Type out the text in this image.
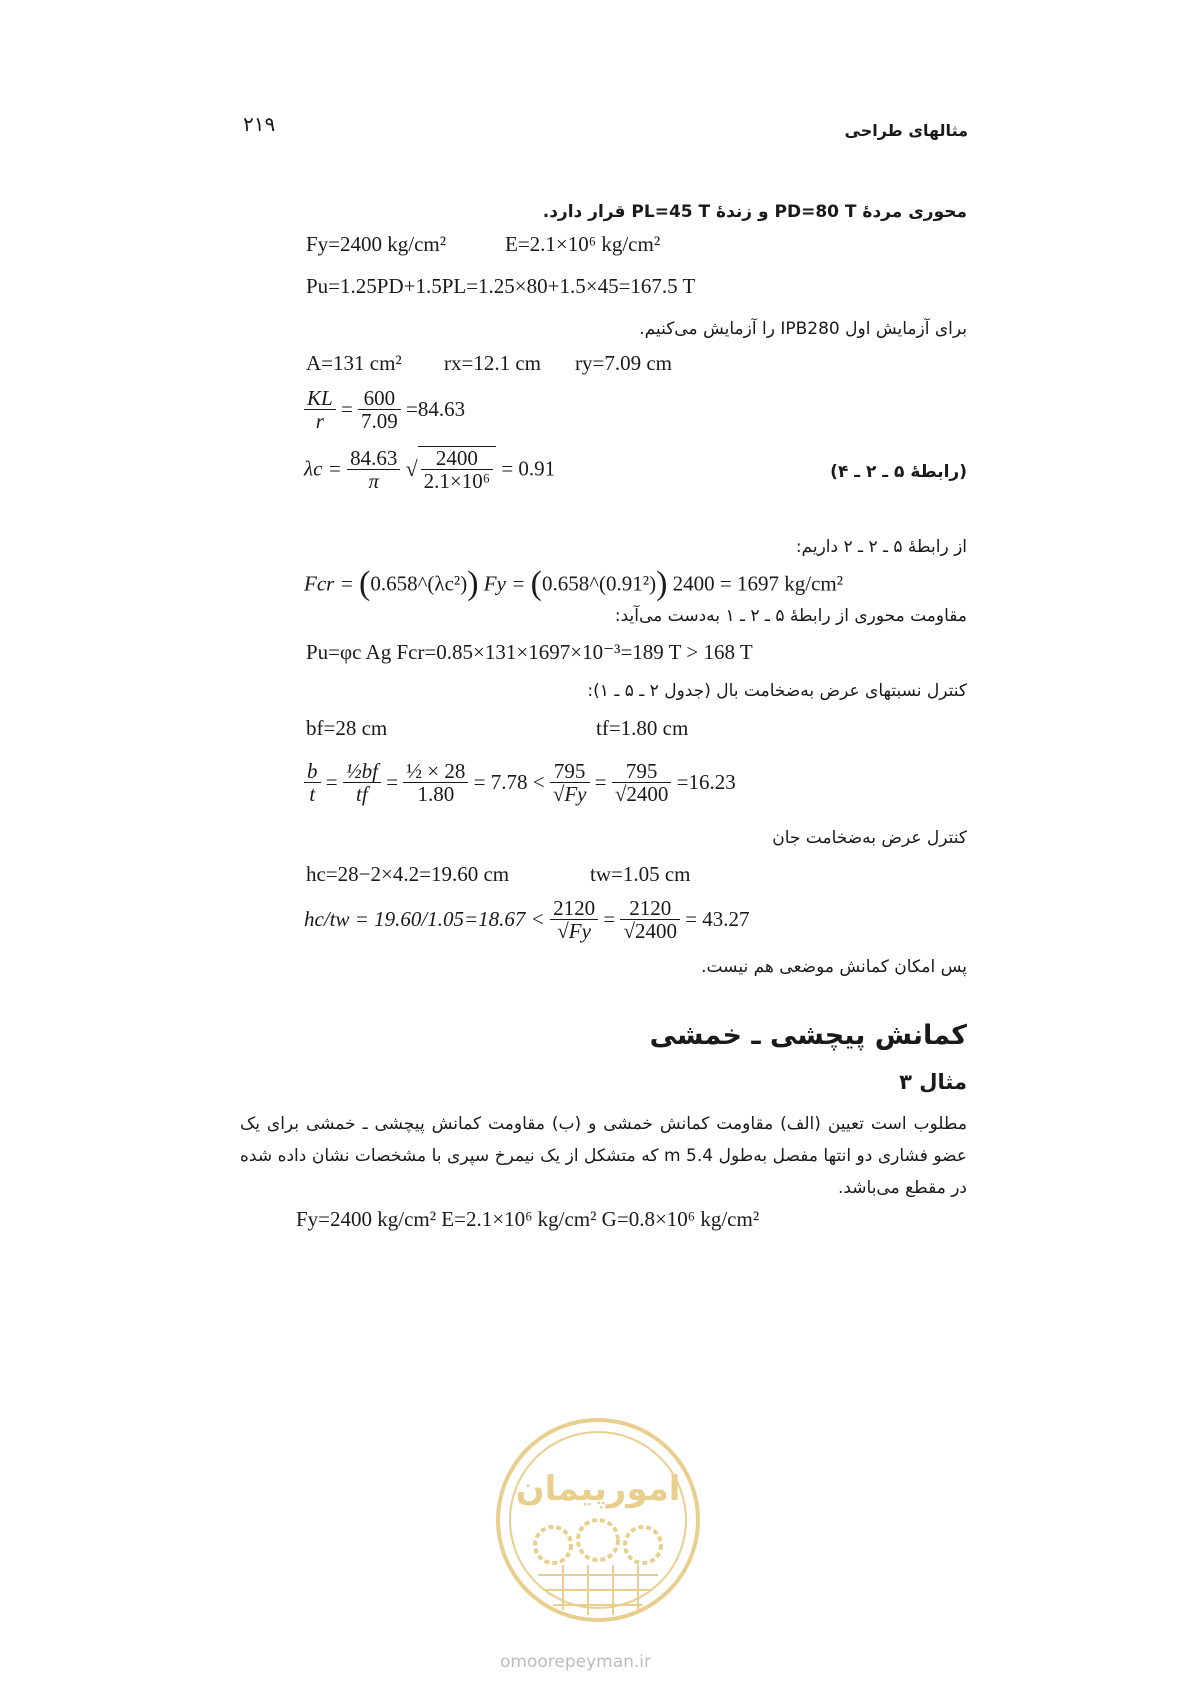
۲۱۹	مثالهای طراحی
محوری مردهٔ PD=80 T و زندهٔ PL=45 T قرار دارد.
Fy=2400 kg/cm²	E=2.1×10⁶ kg/cm²
Pu=1.25PD+1.5PL=1.25×80+1.5×45=167.5 T
برای آزمایش اول IPB280 را آزمایش می‌کنیم.
A=131 cm² rx=12.1 cm ry=7.09 cm
$\frac{KL}{r} = \frac{600}{7.09} =84.63$
$\lambda c = \frac{84.63}{\pi}$ √ $\frac{2400}{\text{2.1×10⁶}} = 0.91$	(رابطهٔ ۵ ـ ۲ ـ ۴)
از رابطهٔ ۵ ـ ۲ ـ ۲ داریم:
Fcr = (0.658^(λc²)) Fy = (0.658^(0.91²)) 2400 = 1697 kg/cm²
مقاومت محوری از رابطهٔ ۵ ـ ۲ ـ ۱ به‌دست می‌آید:
Pu=φc Ag Fcr=0.85×131×1697×10⁻³=189 T > 168 T
کنترل نسبتهای عرض به‌ضخامت بال (جدول ۲ ـ ۵ ـ ۱):
bf=28 cm	tf=1.80 cm
$\frac{b}{t} = \frac{\text{½bf}}{tf} = \frac{\text{½ × 28}}{1.80} = 7.78 < \frac{795}{√Fy} = \frac{795}{√2400} =16.23$
کنترل عرض به‌ضخامت جان
hc=28−2×4.2=19.60 cm	tw=1.05 cm
$hc/tw = 19.60/1.05=18.67 < \frac{2120}{√Fy} = \frac{2120}{√2400} = 43.27$
پس امکان کمانش موضعی هم نیست.
کمانش پیچشی ـ خمشی
مثال ۳
مطلوب است تعیین (الف) مقاومت کمانش خمشی و (ب) مقاومت کمانش پیچشی ـ خمشی برای یک عضو فشاری دو انتها مفصل به‌طول 5.4 m که متشکل از یک نیمرخ سپری با مشخصات نشان داده شده در مقطع می‌باشد.
Fy=2400 kg/cm² E=2.1×10⁶ kg/cm² G=0.8×10⁶ kg/cm²
امورپیمان
omoorepeyman.ir
